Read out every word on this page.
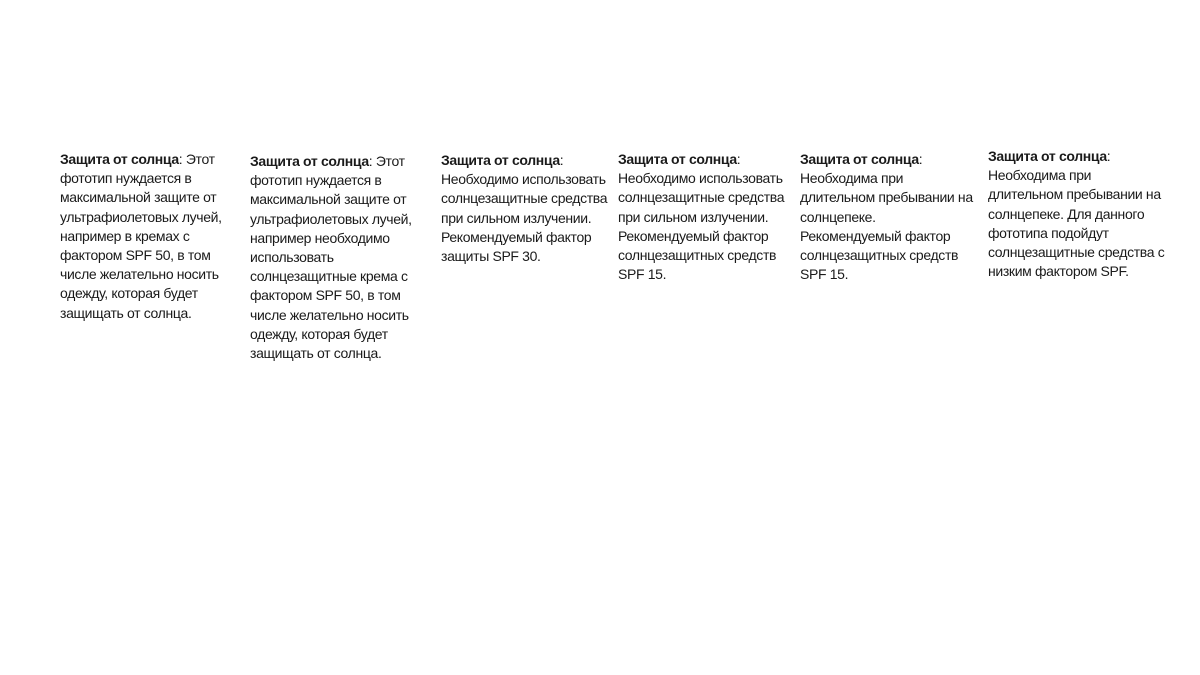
Защита от солнца: Этот фототип нуждается в максимальной защите от ультрафиолетовых лучей, например в кремах с фактором SPF 50, в том числе желательно носить одежду, которая будет защищать от солнца.

Защита от солнца: Этот фототип нуждается в максимальной защите от ультрафиолетовых лучей, например необходимо использовать солнцезащитные крема с фактором SPF 50, в том числе желательно носить одежду, которая будет защищать от солнца.

Защита от солнца: Необходимо использовать солнцезащитные средства при сильном излучении. Рекомендуемый фактор защиты SPF 30.

Защита от солнца: Необходимо использовать солнцезащитные средства при сильном излучении. Рекомендуемый фактор солнцезащитных средств SPF 15.

Защита от солнца: Необходима при длительном пребывании на солнцепеке. Рекомендуемый фактор солнцезащитных средств SPF 15.

Защита от солнца: Необходима при длительном пребывании на солнцепеке. Для данного фототипа подойдут солнцезащитные средства с низким фактором SPF.
